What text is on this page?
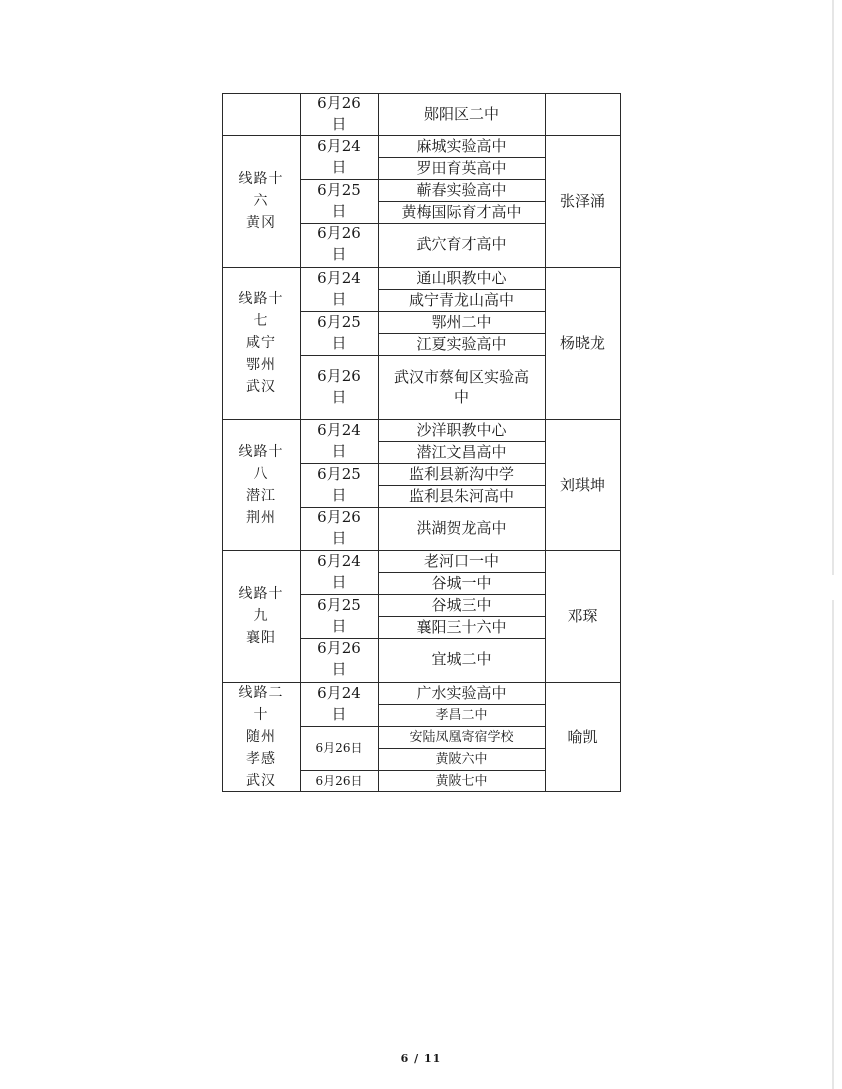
6月26
日
郧阳区二中
线路十
六
黄冈
张泽涌
6月24
日
麻城实验高中
罗田育英高中
6月25
日
蕲春实验高中
黄梅国际育才高中
6月26
日
武穴育才高中
线路十
七
咸宁
鄂州
武汉
杨晓龙
6月24
日
通山职教中心
咸宁青龙山高中
6月25
日
鄂州二中
江夏实验高中
6月26
日
武汉市蔡甸区实验高
中
线路十
八
潜江
荆州
刘琪坤
6月24
日
沙洋职教中心
潜江文昌高中
6月25
日
监利县新沟中学
监利县朱河高中
6月26
日
洪湖贺龙高中
线路十
九
襄阳
邓琛
6月24
日
老河口一中
谷城一中
6月25
日
谷城三中
襄阳三十六中
6月26
日
宜城二中
线路二
十
随州
孝感
武汉
喻凯
6月24
日
广水实验高中
孝昌二中
6月26日
安陆凤凰寄宿学校
黄陂六中
6月26日	黄陂七中
6 / 11
